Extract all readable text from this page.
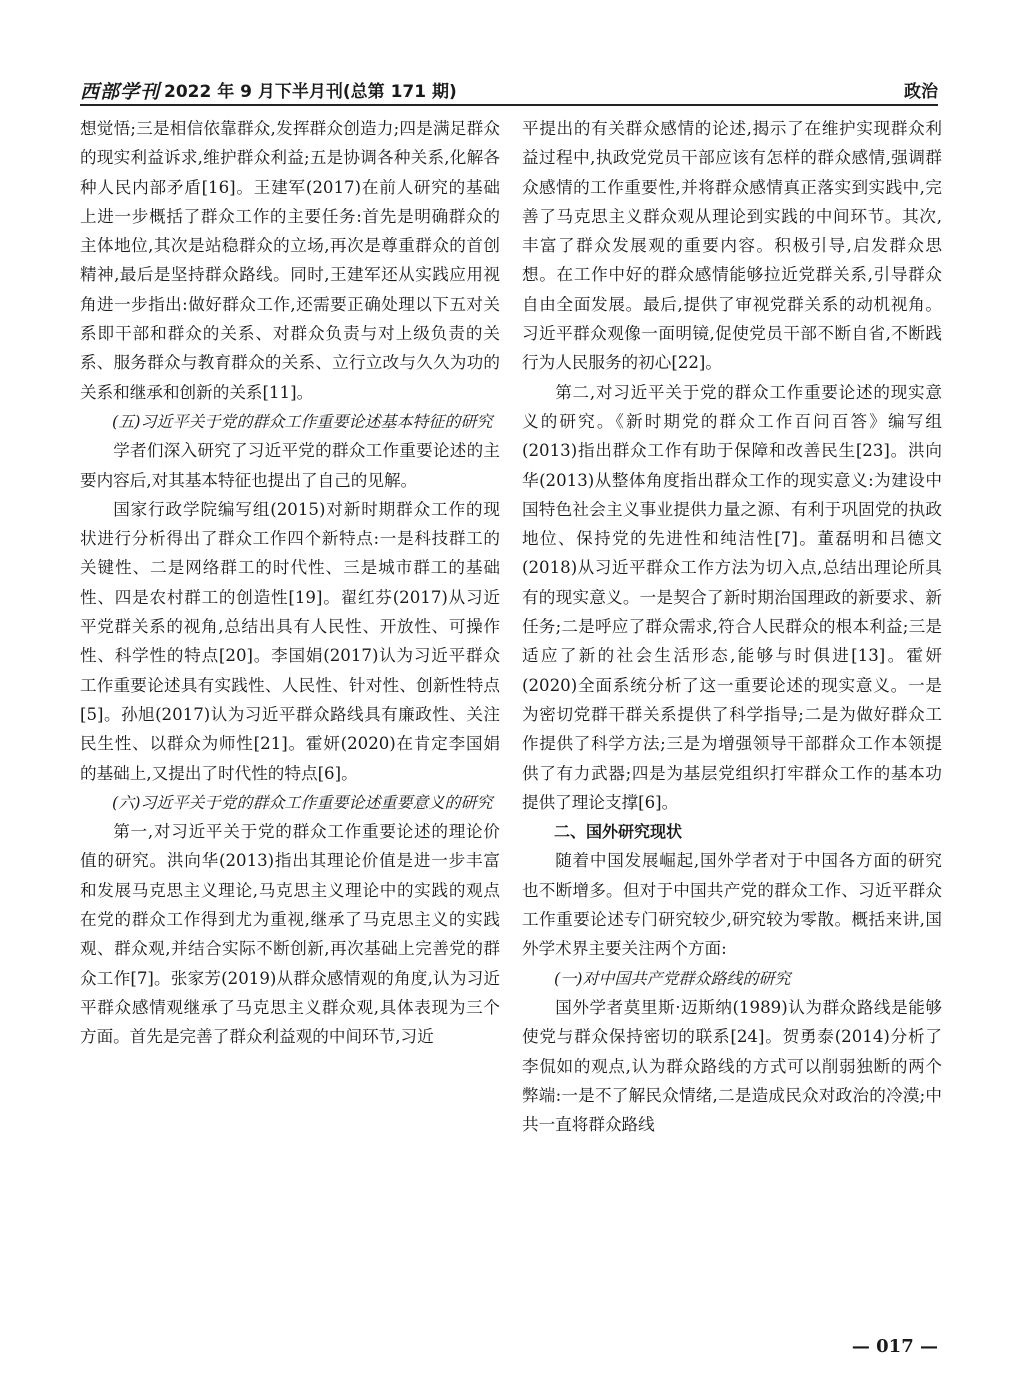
西部学刊 2022 年 9 月下半月刊(总第 171 期)	政治

想觉悟;三是相信依靠群众,发挥群众创造力;四是满足群众的现实利益诉求,维护群众利益;五是协调各种关系,化解各种人民内部矛盾[16]。王建军(2017)在前人研究的基础上进一步概括了群众工作的主要任务:首先是明确群众的主体地位,其次是站稳群众的立场,再次是尊重群众的首创精神,最后是坚持群众路线。同时,王建军还从实践应用视角进一步指出:做好群众工作,还需要正确处理以下五对关系即干部和群众的关系、对群众负责与对上级负责的关系、服务群众与教育群众的关系、立行立改与久久为功的关系和继承和创新的关系[11]。

(五)习近平关于党的群众工作重要论述基本特征的研究

学者们深入研究了习近平党的群众工作重要论述的主要内容后,对其基本特征也提出了自己的见解。

国家行政学院编写组(2015)对新时期群众工作的现状进行分析得出了群众工作四个新特点:一是科技群工的关键性、二是网络群工的时代性、三是城市群工的基础性、四是农村群工的创造性[19]。翟红芬(2017)从习近平党群关系的视角,总结出具有人民性、开放性、可操作性、科学性的特点[20]。李国娟(2017)认为习近平群众工作重要论述具有实践性、人民性、针对性、创新性特点[5]。孙旭(2017)认为习近平群众路线具有廉政性、关注民生性、以群众为师性[21]。霍妍(2020)在肯定李国娟的基础上,又提出了时代性的特点[6]。

(六)习近平关于党的群众工作重要论述重要意义的研究

第一,对习近平关于党的群众工作重要论述的理论价值的研究。洪向华(2013)指出其理论价值是进一步丰富和发展马克思主义理论,马克思主义理论中的实践的观点在党的群众工作得到尤为重视,继承了马克思主义的实践观、群众观,并结合实际不断创新,再次基础上完善党的群众工作[7]。张家芳(2019)从群众感情观的角度,认为习近平群众感情观继承了马克思主义群众观,具体表现为三个方面。首先是完善了群众利益观的中间环节,习近

平提出的有关群众感情的论述,揭示了在维护实现群众利益过程中,执政党党员干部应该有怎样的群众感情,强调群众感情的工作重要性,并将群众感情真正落实到实践中,完善了马克思主义群众观从理论到实践的中间环节。其次,丰富了群众发展观的重要内容。积极引导,启发群众思想。在工作中好的群众感情能够拉近党群关系,引导群众自由全面发展。最后,提供了审视党群关系的动机视角。习近平群众观像一面明镜,促使党员干部不断自省,不断践行为人民服务的初心[22]。

第二,对习近平关于党的群众工作重要论述的现实意义的研究。《新时期党的群众工作百问百答》编写组(2013)指出群众工作有助于保障和改善民生[23]。洪向华(2013)从整体角度指出群众工作的现实意义:为建设中国特色社会主义事业提供力量之源、有利于巩固党的执政地位、保持党的先进性和纯洁性[7]。董磊明和吕德文(2018)从习近平群众工作方法为切入点,总结出理论所具有的现实意义。一是契合了新时期治国理政的新要求、新任务;二是呼应了群众需求,符合人民群众的根本利益;三是适应了新的社会生活形态,能够与时俱进[13]。霍妍(2020)全面系统分析了这一重要论述的现实意义。一是为密切党群干群关系提供了科学指导;二是为做好群众工作提供了科学方法;三是为增强领导干部群众工作本领提供了有力武器;四是为基层党组织打牢群众工作的基本功提供了理论支撑[6]。

二、国外研究现状

随着中国发展崛起,国外学者对于中国各方面的研究也不断增多。但对于中国共产党的群众工作、习近平群众工作重要论述专门研究较少,研究较为零散。概括来讲,国外学术界主要关注两个方面:

(一)对中国共产党群众路线的研究

国外学者莫里斯·迈斯纳(1989)认为群众路线是能够使党与群众保持密切的联系[24]。贺勇泰(2014)分析了李侃如的观点,认为群众路线的方式可以削弱独断的两个弊端:一是不了解民众情绪,二是造成民众对政治的冷漠;中共一直将群众路线

— 017 —
